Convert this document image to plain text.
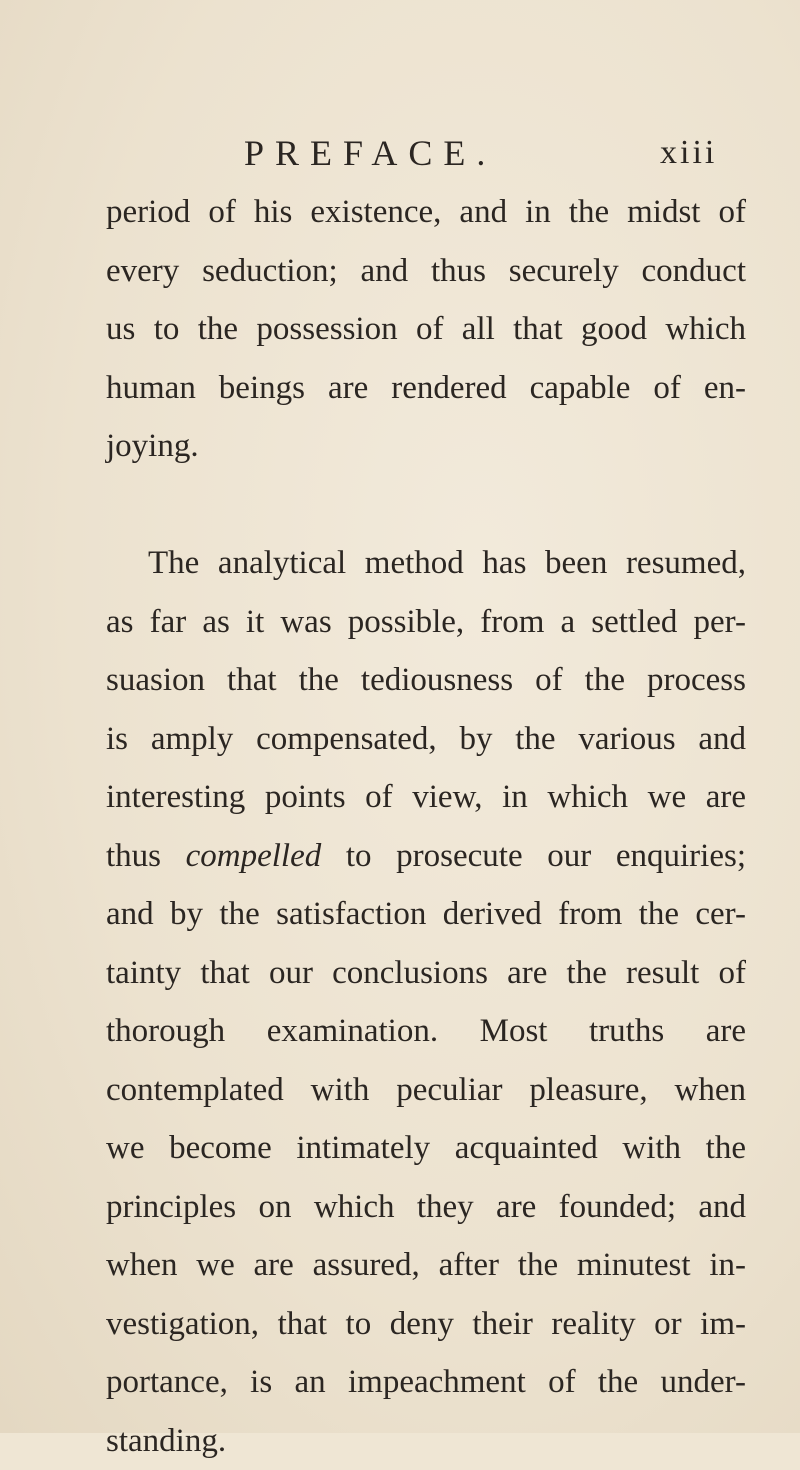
PREFACE.	xiii
period of his existence, and in the midst of
every seduction; and thus securely conduct
us to the possession of all that good which
human beings are rendered capable of en-
joying.
The analytical method has been resumed,
as far as it was possible, from a settled per-
suasion that the tediousness of the process
is amply compensated, by the various and
interesting points of view, in which we are
thus compelled to prosecute our enquiries;
and by the satisfaction derived from the cer-
tainty that our conclusions are the result of
thorough examination. Most truths are
contemplated with peculiar pleasure, when
we become intimately acquainted with the
principles on which they are founded; and
when we are assured, after the minutest in-
vestigation, that to deny their reality or im-
portance, is an impeachment of the under-
standing.
